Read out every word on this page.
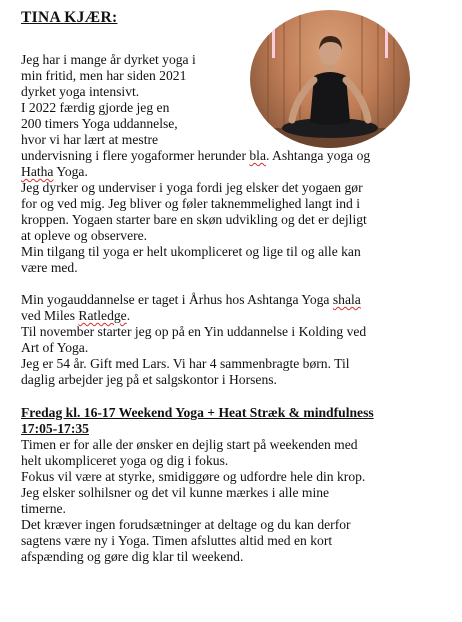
TINA KJÆR:
Jeg har i mange år dyrket yoga i
min fritid, men har siden 2021
dyrket yoga intensivt.
I 2022 færdig gjorde jeg en
200 timers Yoga uddannelse,
hvor vi har lært at mestre
undervisning i flere yogaformer herunder bla. Ashtanga yoga og
Hatha Yoga.
Jeg dyrker og underviser i yoga fordi jeg elsker det yogaen gør
for og ved mig. Jeg bliver og føler taknemmelighed langt ind i
kroppen. Yogaen starter bare en skøn udvikling og det er dejligt
at opleve og observere.
Min tilgang til yoga er helt ukompliceret og lige til og alle kan
være med.
Min yogauddannelse er taget i Århus hos Ashtanga Yoga shala
ved Miles Ratledge.
Til november starter jeg op på en Yin uddannelse i Kolding ved
Art of Yoga.
Jeg er 54 år. Gift med Lars. Vi har 4 sammenbragte børn. Til
daglig arbejder jeg på et salgskontor i Horsens.
Fredag kl. 16-17 Weekend Yoga + Heat Stræk & mindfulness
17:05-17:35
Timen er for alle der ønsker en dejlig start på weekenden med
helt ukompliceret yoga og dig i fokus.
Fokus vil være at styrke, smidiggøre og udfordre hele din krop.
Jeg elsker solhilsner og det vil kunne mærkes i alle mine
timerne.
Det kræver ingen forudsætninger at deltage og du kan derfor
sagtens være ny i Yoga. Timen afsluttes altid med en kort
afspænding og gøre dig klar til weekend.
